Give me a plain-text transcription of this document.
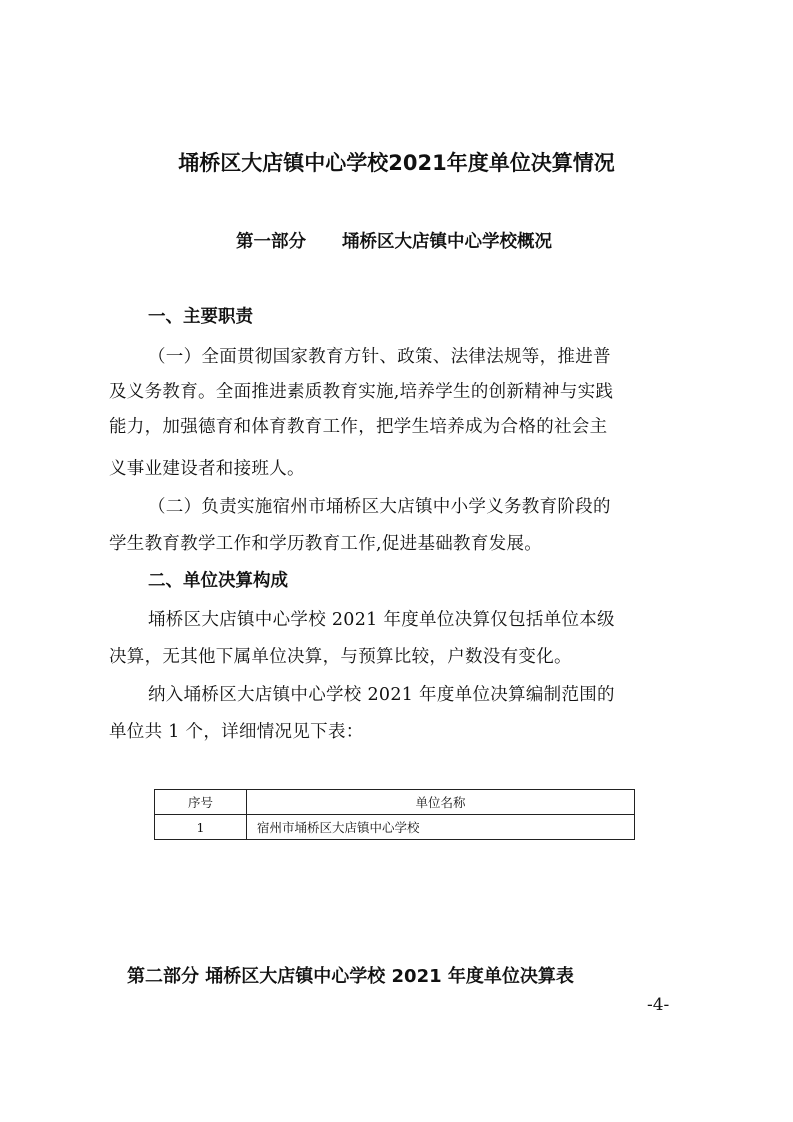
埇桥区大店镇中心学校2021年度单位决算情况
第一部分 埇桥区大店镇中心学校概况
一、主要职责
（一）全面贯彻国家教育方针、政策、法律法规等，推进普
及义务教育。全面推进素质教育实施,培养学生的创新精神与实践
能力，加强德育和体育教育工作，把学生培养成为合格的社会主
义事业建设者和接班人。
（二）负责实施宿州市埇桥区大店镇中小学义务教育阶段的
学生教育教学工作和学历教育工作,促进基础教育发展。
二、单位决算构成
埇桥区大店镇中心学校 2021 年度单位决算仅包括单位本级
决算，无其他下属单位决算，与预算比较，户数没有变化。
纳入埇桥区大店镇中心学校 2021 年度单位决算编制范围的
单位共 1 个，详细情况见下表：
序号	单位名称
1	宿州市埇桥区大店镇中心学校
第二部分 埇桥区大店镇中心学校 2021 年度单位决算表
-4-
